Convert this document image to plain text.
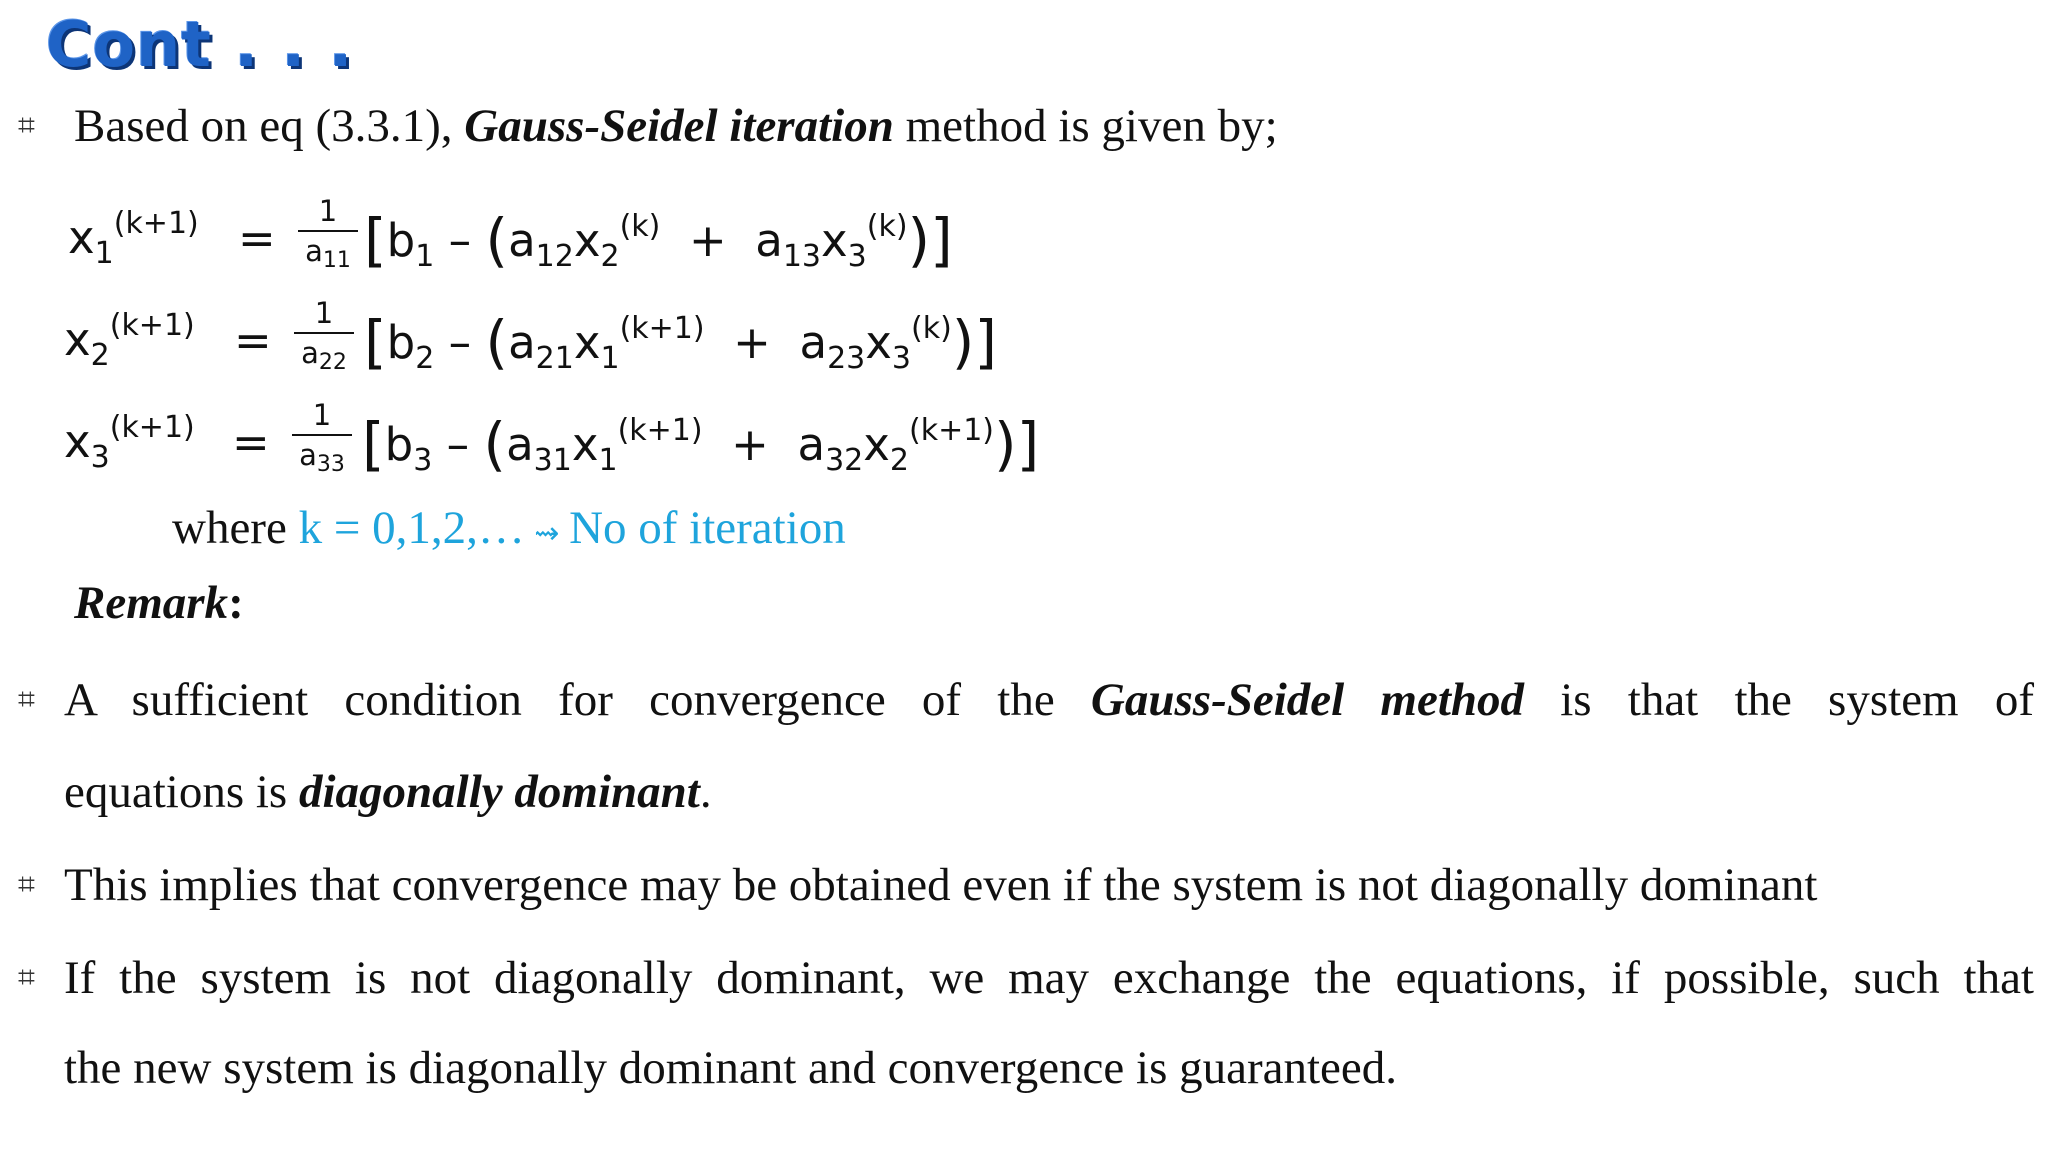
Cont . . .
⌗ Based on eq (3.3.1), Gauss-Seidel iteration method is given by;
$x_1^{(k+1)}$ =
1
$a_{11}$ $[b_1 - (a_{12}x_2^{(k)} + a_{13}x_3^{(k)})]$
$x_2^{(k+1)}$ =
1
$a_{22}$ $[b_2 - (a_{21}x_1^{(k+1)} + a_{23}x_3^{(k)})]$
$x_3^{(k+1)}$ =
1
$a_{33}$ $[b_3 - (a_{31}x_1^{(k+1)} + a_{32}x_2^{(k+1)})]$
where k = 0,1,2,… ⇝ No of iteration
Remark:
⌗ A sufficient condition for convergence of the Gauss-Seidel method is that the system of
equations is diagonally dominant.
⌗ This implies that convergence may be obtained even if the system is not diagonally dominant
⌗ If the system is not diagonally dominant, we may exchange the equations, if possible, such that
the new system is diagonally dominant and convergence is guaranteed.
